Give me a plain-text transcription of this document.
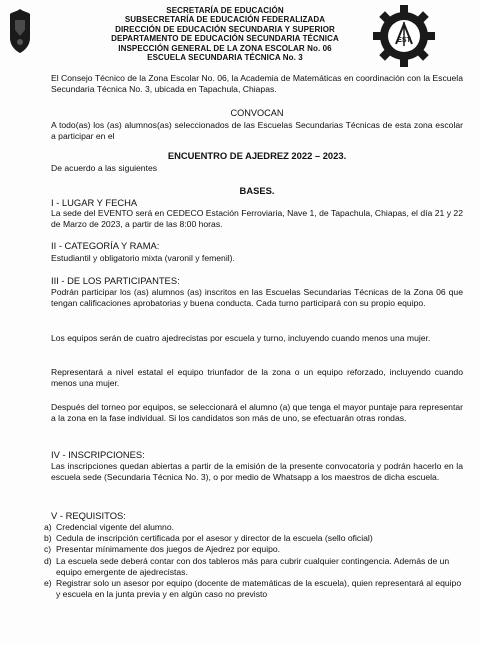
SECRETARÍA DE EDUCACIÓN
SUBSECRETARÍA DE EDUCACIÓN FEDERALIZADA
DIRECCIÓN DE EDUCACIÓN SECUNDARIA Y SUPERIOR
DEPARTAMENTO DE EDUCACIÓN SECUNDARIA TÉCNICA
INSPECCIÓN GENERAL DE LA ZONA ESCOLAR No. 06
ESCUELA SECUNDARIA TÉCNICA No. 3
EST
El Consejo Técnico de la Zona Escolar No. 06, la Academia de Matemáticas en coordinación con la Escuela Secundaria Técnica No. 3, ubicada en Tapachula, Chiapas.
CONVOCAN
A todo(as) los (as) alumnos(as) seleccionados de las Escuelas Secundarias Técnicas de esta zona escolar a participar en el
ENCUENTRO DE AJEDREZ 2022 – 2023.
De acuerdo a las siguientes
BASES.
I - LUGAR Y FECHA
La sede del EVENTO será en CEDECO Estación Ferroviaria, Nave 1, de Tapachula, Chiapas, el día 21 y 22 de Marzo de 2023, a partir de las 8:00 horas.
II - CATEGORÍA Y RAMA:
Estudiantil y obligatorio mixta (varonil y femenil).
III - DE LOS PARTICIPANTES:
Podrán participar los (as) alumnos (as) inscritos en las Escuelas Secundarias Técnicas de la Zona 06 que tengan calificaciones aprobatorias y buena conducta. Cada turno participará con su propio equipo.
Los equipos serán de cuatro ajedrecistas por escuela y turno, incluyendo cuando menos una mujer.
Representará a nivel estatal el equipo triunfador de la zona o un equipo reforzado, incluyendo cuando menos una mujer.
Después del torneo por equipos, se seleccionará el alumno (a) que tenga el mayor puntaje para representar a la zona en la fase individual. Si los candidatos son más de uno, se efectuarán otras rondas.
IV - INSCRIPCIONES:
Las inscripciones quedan abiertas a partir de la emisión de la presente convocatoria y podrán hacerlo en la escuela sede (Secundaria Técnica No. 3), o por medio de Whatsapp a los maestros de dicha escuela.
V - REQUISITOS:
a) Credencial vigente del alumno.
b) Cedula de inscripción certificada por el asesor y director de la escuela (sello oficial)
c) Presentar mínimamente dos juegos de Ajedrez por equipo.
d) La escuela sede deberá contar con dos tableros más para cubrir cualquier contingencia. Además de un equipo emergente de ajedrecistas.
e) Registrar solo un asesor por equipo (docente de matemáticas de la escuela), quien representará al equipo y escuela en la junta previa y en algún caso no previsto
